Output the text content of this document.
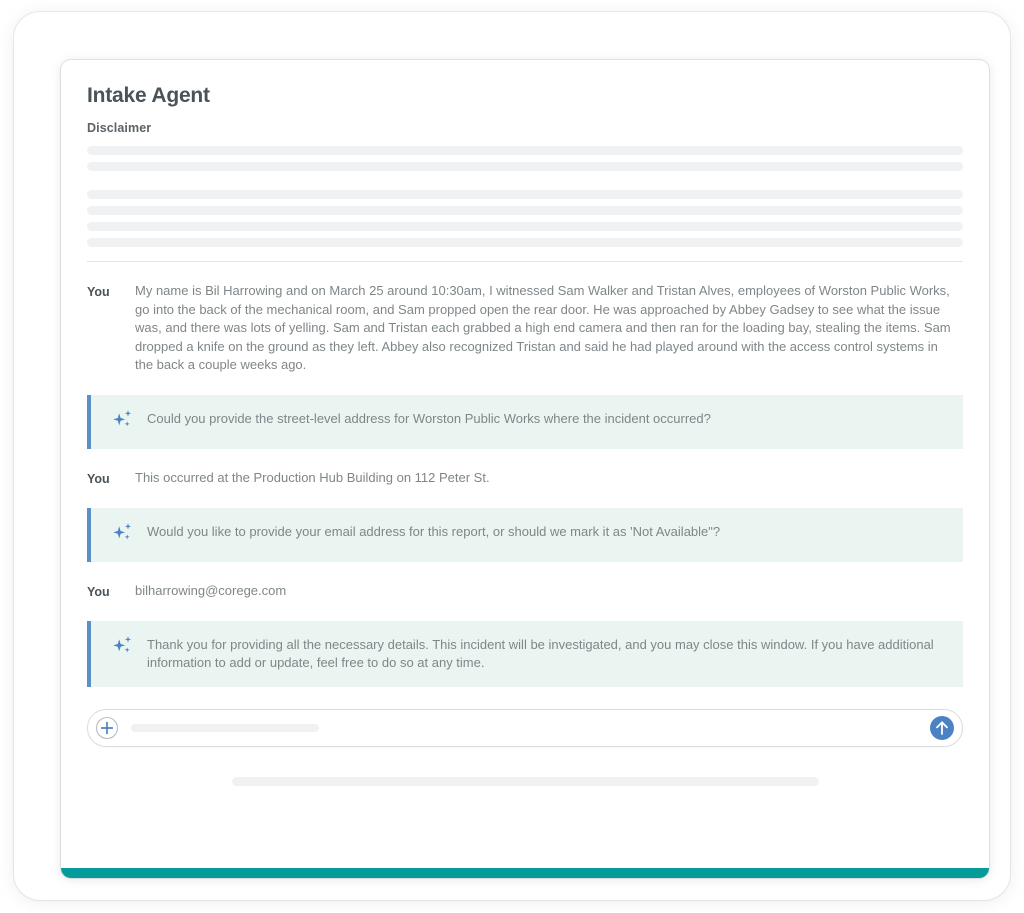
Intake Agent
Disclaimer
You	My name is Bil Harrowing and on March 25 around 10:30am, I witnessed Sam Walker and Tristan Alves, employees of Worston Public Works, go into the back of the mechanical room, and Sam propped open the rear door. He was approached by Abbey Gadsey to see what the issue was, and there was lots of yelling. Sam and Tristan each grabbed a high end camera and then ran for the loading bay, stealing the items. Sam dropped a knife on the ground as they left. Abbey also recognized Tristan and said he had played around with the access control systems in the back a couple weeks ago.
Could you provide the street-level address for Worston Public Works where the incident occurred?
You	This occurred at the Production Hub Building on 112 Peter St.
Would you like to provide your email address for this report, or should we mark it as 'Not Available"?
You	bilharrowing@corege.com
Thank you for providing all the necessary details. This incident will be investigated, and you may close this window. If you have additional information to add or update, feel free to do so at any time.
